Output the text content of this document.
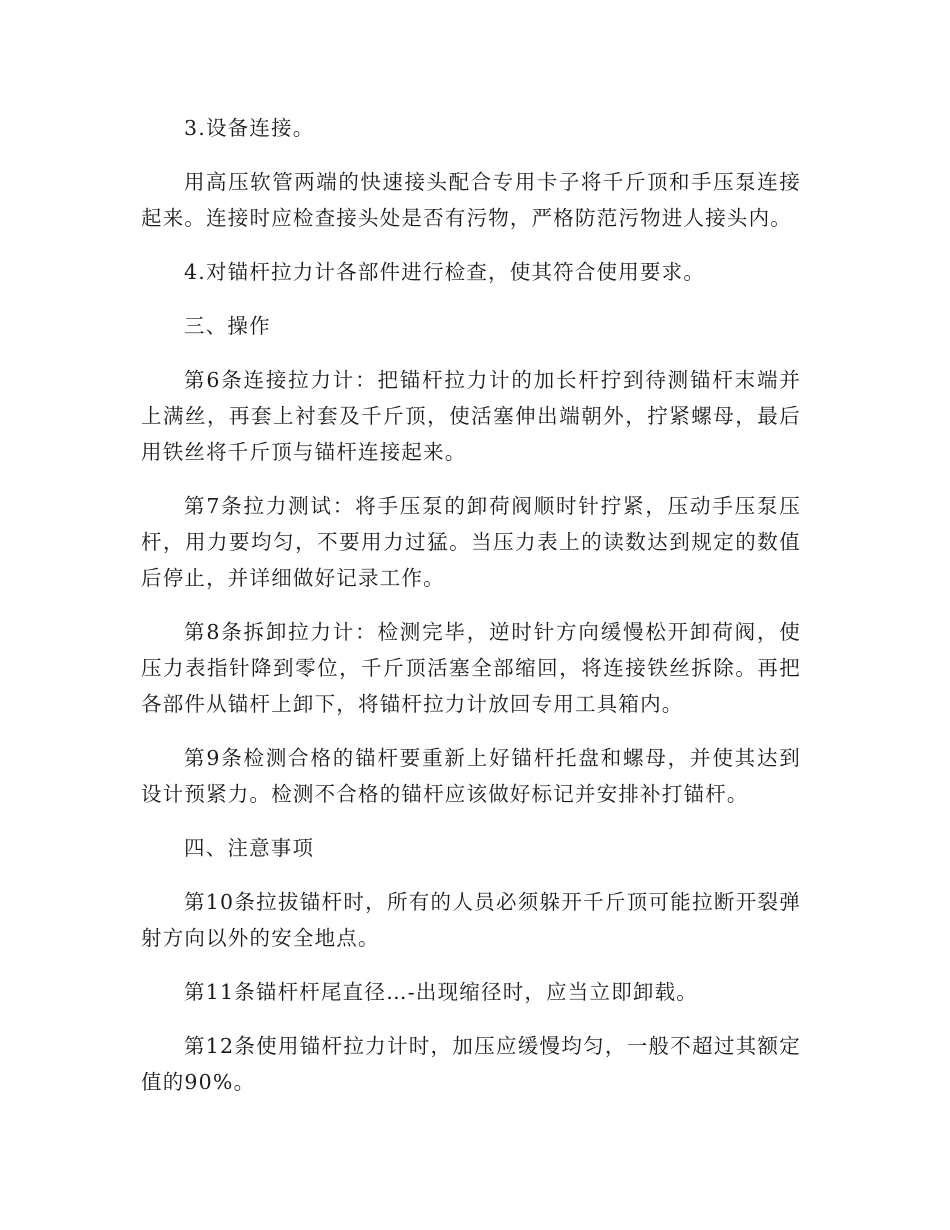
3.设备连接。

用高压软管两端的快速接头配合专用卡子将千斤顶和手压泵连接起来。连接时应检查接头处是否有污物，严格防范污物进人接头内。

4.对锚杆拉力计各部件进行检查，使其符合使用要求。

三、操作

第6条连接拉力计：把锚杆拉力计的加长杆拧到待测锚杆末端并上满丝，再套上衬套及千斤顶，使活塞伸出端朝外，拧紧螺母，最后用铁丝将千斤顶与锚杆连接起来。

第7条拉力测试：将手压泵的卸荷阀顺时针拧紧，压动手压泵压杆，用力要均匀，不要用力过猛。当压力表上的读数达到规定的数值后停止，并详细做好记录工作。

第8条拆卸拉力计：检测完毕，逆时针方向缓慢松开卸荷阀，使压力表指针降到零位，千斤顶活塞全部缩回，将连接铁丝拆除。再把各部件从锚杆上卸下，将锚杆拉力计放回专用工具箱内。

第9条检测合格的锚杆要重新上好锚杆托盘和螺母，并使其达到设计预紧力。检测不合格的锚杆应该做好标记并安排补打锚杆。

四、注意事项

第10条拉拔锚杆时，所有的人员必须躲开千斤顶可能拉断开裂弹射方向以外的安全地点。

第11条锚杆杆尾直径…-出现缩径时，应当立即卸载。

第12条使用锚杆拉力计时，加压应缓慢均匀，一般不超过其额定值的90%。
